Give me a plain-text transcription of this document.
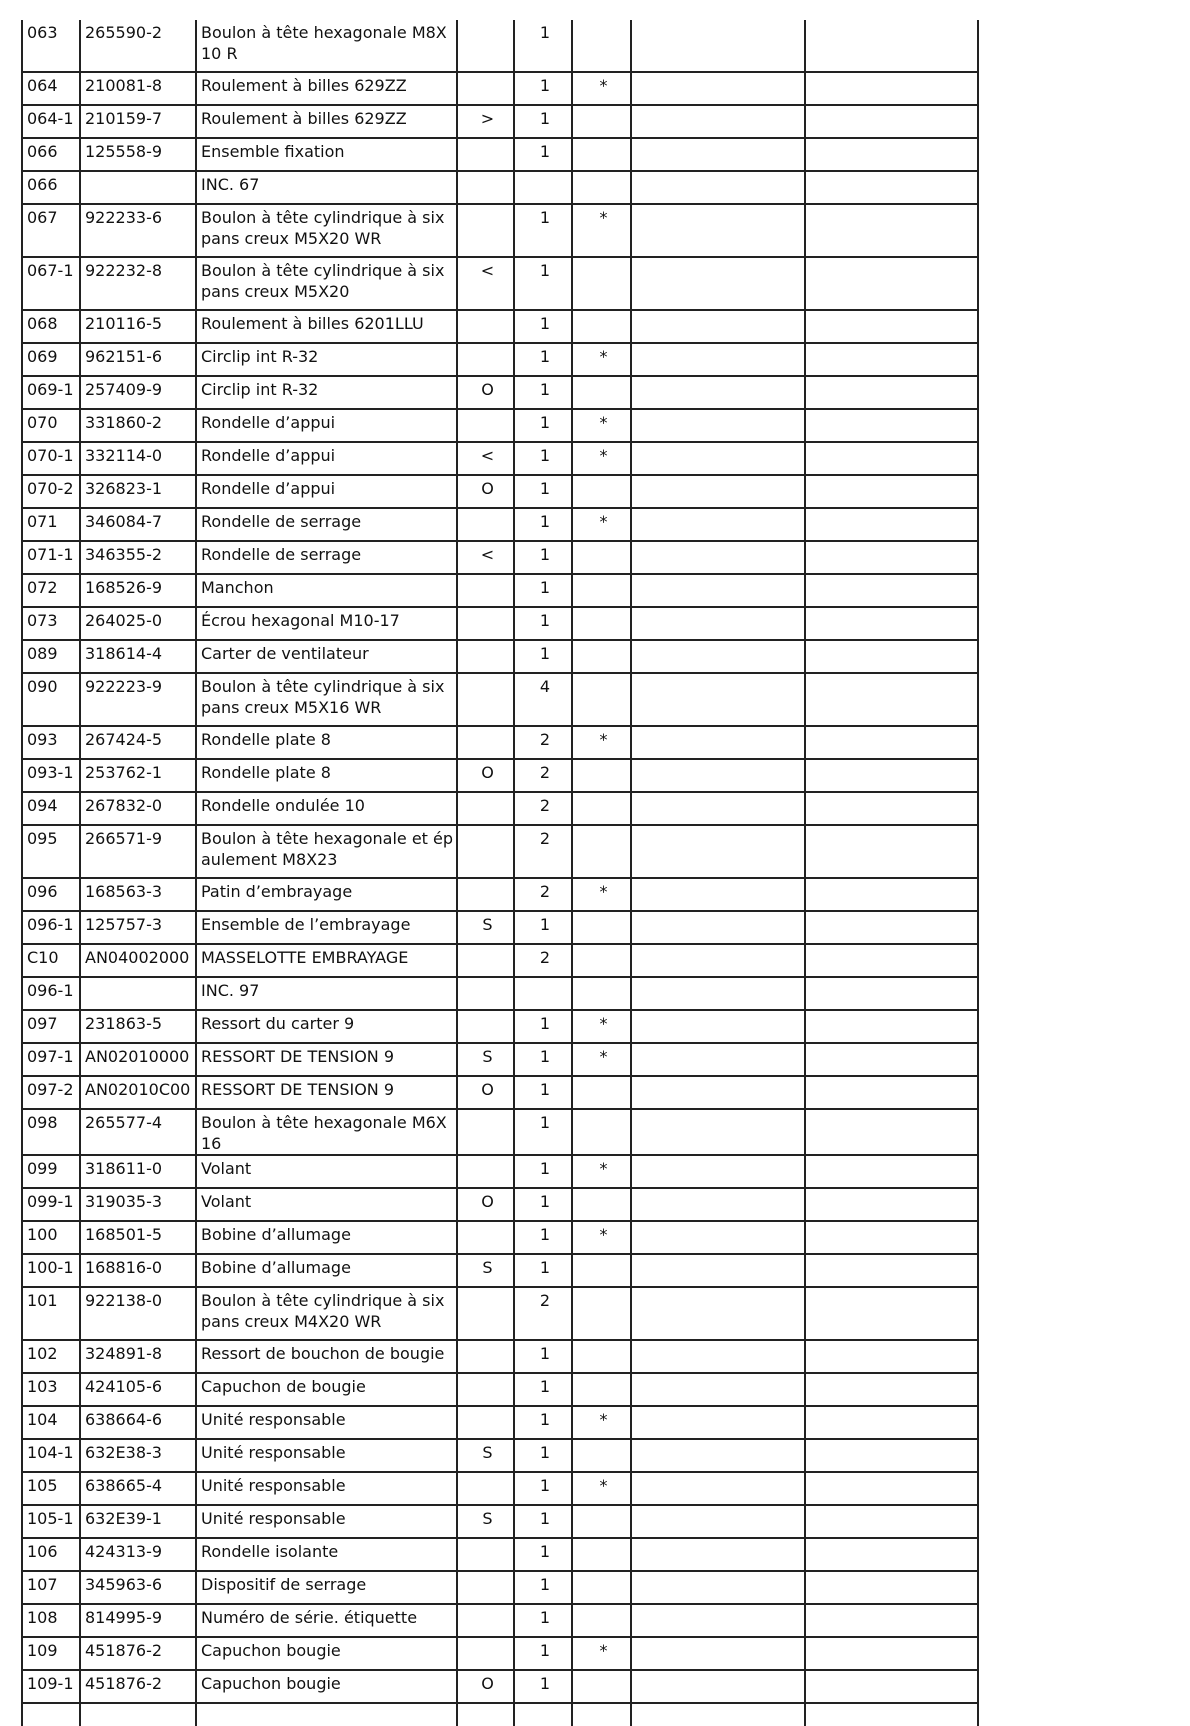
063	265590-2	Boulon à tête hexagonale M8X10 R		1			
064	210081-8	Roulement à billes 629ZZ		1	*		
064-1	210159-7	Roulement à billes 629ZZ	>	1			
066	125558-9	Ensemble fixation		1			
066		INC. 67					

067	922233-6	Boulon à tête cylindrique à six pans creux M5X20 WR		1	*		
067-1	922232-8	Boulon à tête cylindrique à six pans creux M5X20	<	1			
068	210116-5	Roulement à billes 6201LLU		1			
069	962151-6	Circlip int R-32		1	*		
069-1	257409-9	Circlip int R-32	O	1			
070	331860-2	Rondelle d’appui		1	*		
070-1	332114-0	Rondelle d’appui	<	1	*		
070-2	326823-1	Rondelle d’appui	O	1			
071	346084-7	Rondelle de serrage		1	*		
071-1	346355-2	Rondelle de serrage	<	1			
072	168526-9	Manchon		1			
073	264025-0	Écrou hexagonal M10-17		1			
089	318614-4	Carter de ventilateur		1			
090	922223-9	Boulon à tête cylindrique à six pans creux M5X16 WR		4			
093	267424-5	Rondelle plate 8		2	*		
093-1	253762-1	Rondelle plate 8	O	2			
094	267832-0	Rondelle ondulée 10		2			
095	266571-9	Boulon à tête hexagonale et épaulement M8X23		2			
096	168563-3	Patin d’embrayage		2	*		
096-1	125757-3	Ensemble de l’embrayage	S	1			
C10	AN04002000	MASSELOTTE EMBRAYAGE		2			
096-1		INC. 97					

097	231863-5	Ressort du carter 9		1	*		
097-1	AN02010000	RESSORT DE TENSION 9	S	1	*		
097-2	AN02010C00	RESSORT DE TENSION 9	O	1			
098	265577-4	Boulon à tête hexagonale M6X16		1			
099	318611-0	Volant		1	*		
099-1	319035-3	Volant	O	1			
100	168501-5	Bobine d’allumage		1	*		
100-1	168816-0	Bobine d’allumage	S	1			
101	922138-0	Boulon à tête cylindrique à six pans creux M4X20 WR		2			
102	324891-8	Ressort de bouchon de bougie		1			
103	424105-6	Capuchon de bougie		1			
104	638664-6	Unité responsable		1	*		
104-1	632E38-3	Unité responsable	S	1			
105	638665-4	Unité responsable		1	*		
105-1	632E39-1	Unité responsable	S	1			
106	424313-9	Rondelle isolante		1			
107	345963-6	Dispositif de serrage		1			
108	814995-9	Numéro de série. étiquette		1			
109	451876-2	Capuchon bougie		1	*		
109-1	451876-2	Capuchon bougie	O	1			
